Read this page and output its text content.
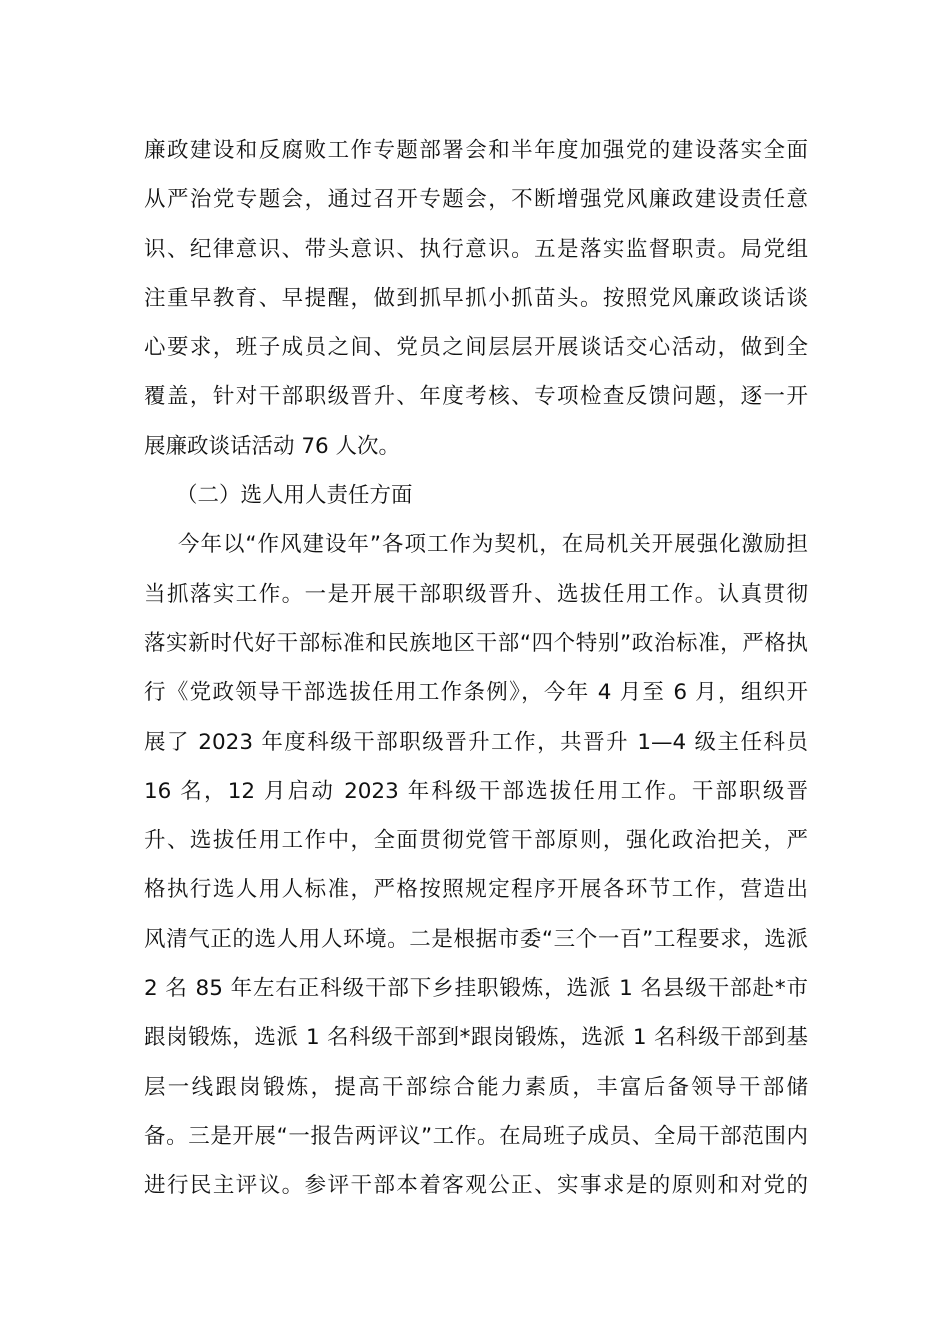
廉政建设和反腐败工作专题部署会和半年度加强党的建设落实全面
从严治党专题会，通过召开专题会，不断增强党风廉政建设责任意
识、纪律意识、带头意识、执行意识。五是落实监督职责。局党组
注重早教育、早提醒，做到抓早抓小抓苗头。按照党风廉政谈话谈
心要求，班子成员之间、党员之间层层开展谈话交心活动，做到全
覆盖，针对干部职级晋升、年度考核、专项检查反馈问题，逐一开
展廉政谈话活动 76 人次。
（二）选人用人责任方面
今年以“作风建设年”各项工作为契机，在局机关开展强化激励担
当抓落实工作。一是开展干部职级晋升、选拔任用工作。认真贯彻
落实新时代好干部标准和民族地区干部“四个特别”政治标准，严格执
行《党政领导干部选拔任用工作条例》，今年 4 月至 6 月，组织开
展了 2023 年度科级干部职级晋升工作，共晋升 1—4 级主任科员
16 名，12 月启动 2023 年科级干部选拔任用工作。干部职级晋
升、选拔任用工作中，全面贯彻党管干部原则，强化政治把关，严
格执行选人用人标准，严格按照规定程序开展各环节工作，营造出
风清气正的选人用人环境。二是根据市委“三个一百”工程要求，选派
2 名 85 年左右正科级干部下乡挂职锻炼，选派 1 名县级干部赴*市
跟岗锻炼，选派 1 名科级干部到*跟岗锻炼，选派 1 名科级干部到基
层一线跟岗锻炼，提高干部综合能力素质，丰富后备领导干部储
备。三是开展“一报告两评议”工作。在局班子成员、全局干部范围内
进行民主评议。参评干部本着客观公正、实事求是的原则和对党的
